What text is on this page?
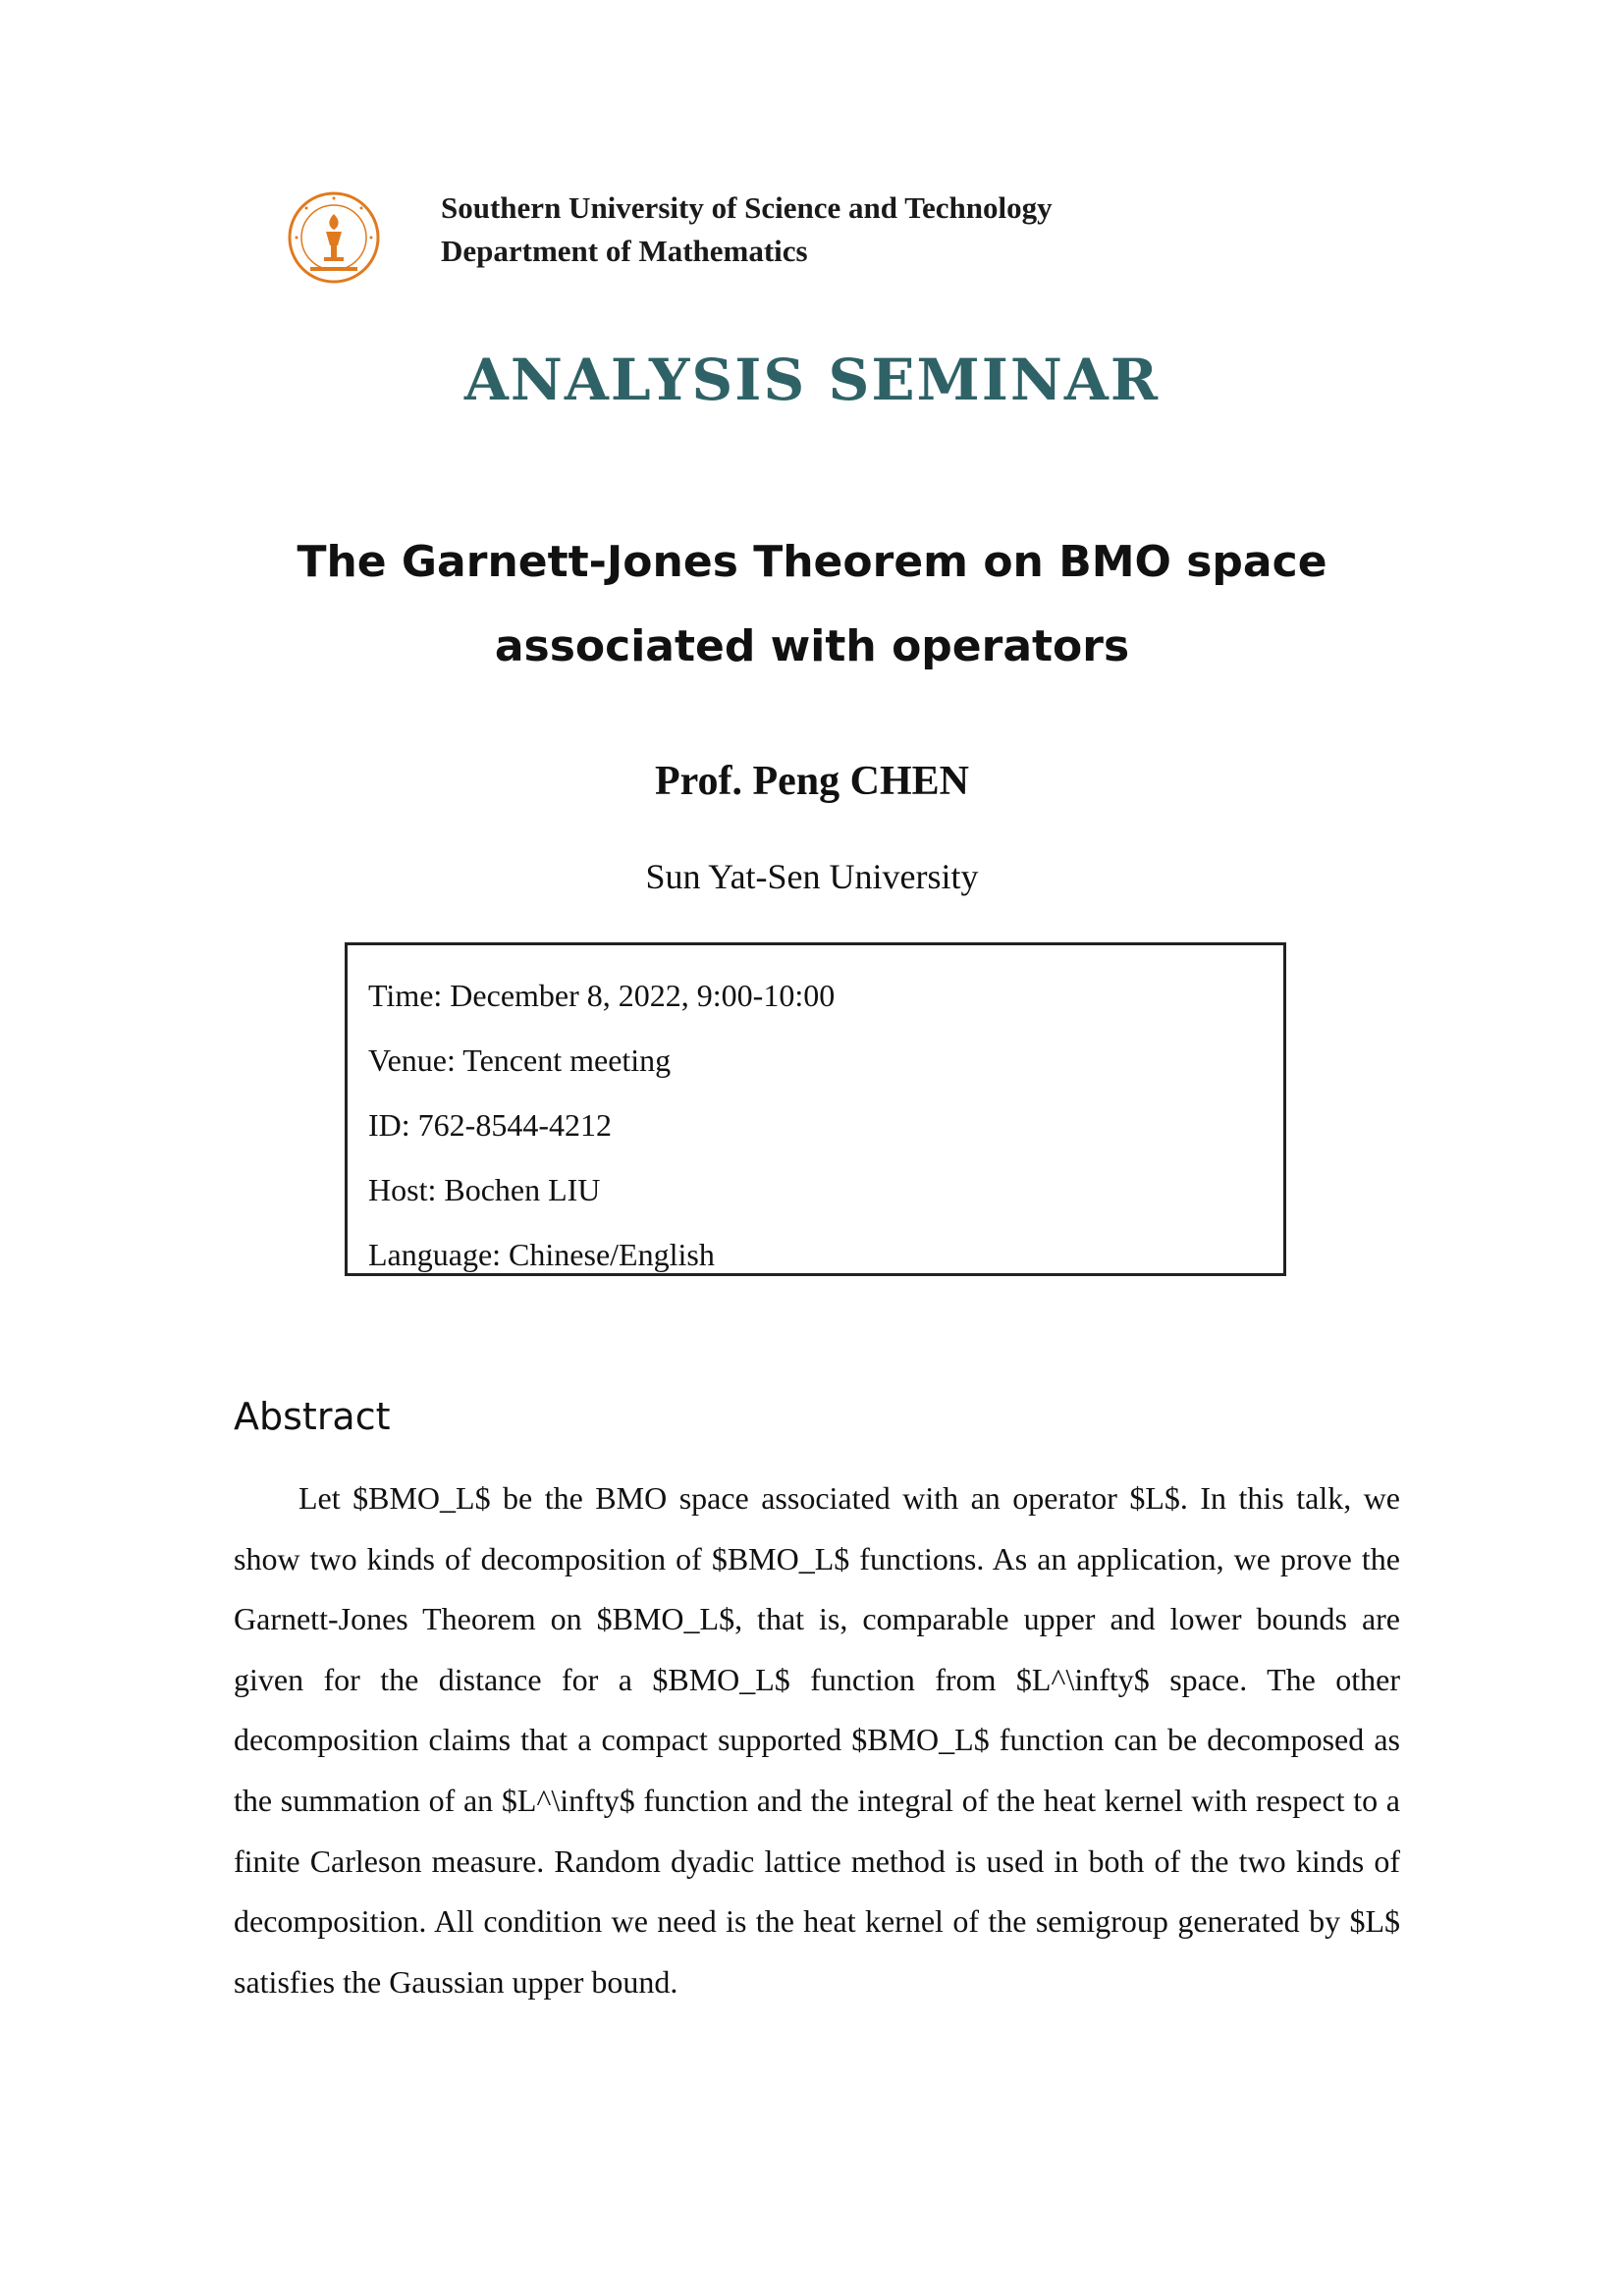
Southern University of Science and Technology
Department of Mathematics
ANALYSIS SEMINAR
The Garnett-Jones Theorem on BMO space
associated with operators
Prof. Peng CHEN
Sun Yat-Sen University
Time: December 8, 2022, 9:00-10:00
Venue: Tencent meeting
ID: 762-8544-4212
Host: Bochen LIU
Language: Chinese/English
Abstract
Let $BMO_L$ be the BMO space associated with an operator $L$. In this talk, we show two kinds of decomposition of $BMO_L$ functions. As an application, we prove the Garnett-Jones Theorem on $BMO_L$, that is, comparable upper and lower bounds are given for the distance for a $BMO_L$ function from $L^\infty$ space. The other decomposition claims that a compact supported $BMO_L$ function can be decomposed as the summation of an $L^\infty$ function and the integral of the heat kernel with respect to a finite Carleson measure. Random dyadic lattice method is used in both of the two kinds of decomposition. All condition we need is the heat kernel of the semigroup generated by $L$ satisfies the Gaussian upper bound.
